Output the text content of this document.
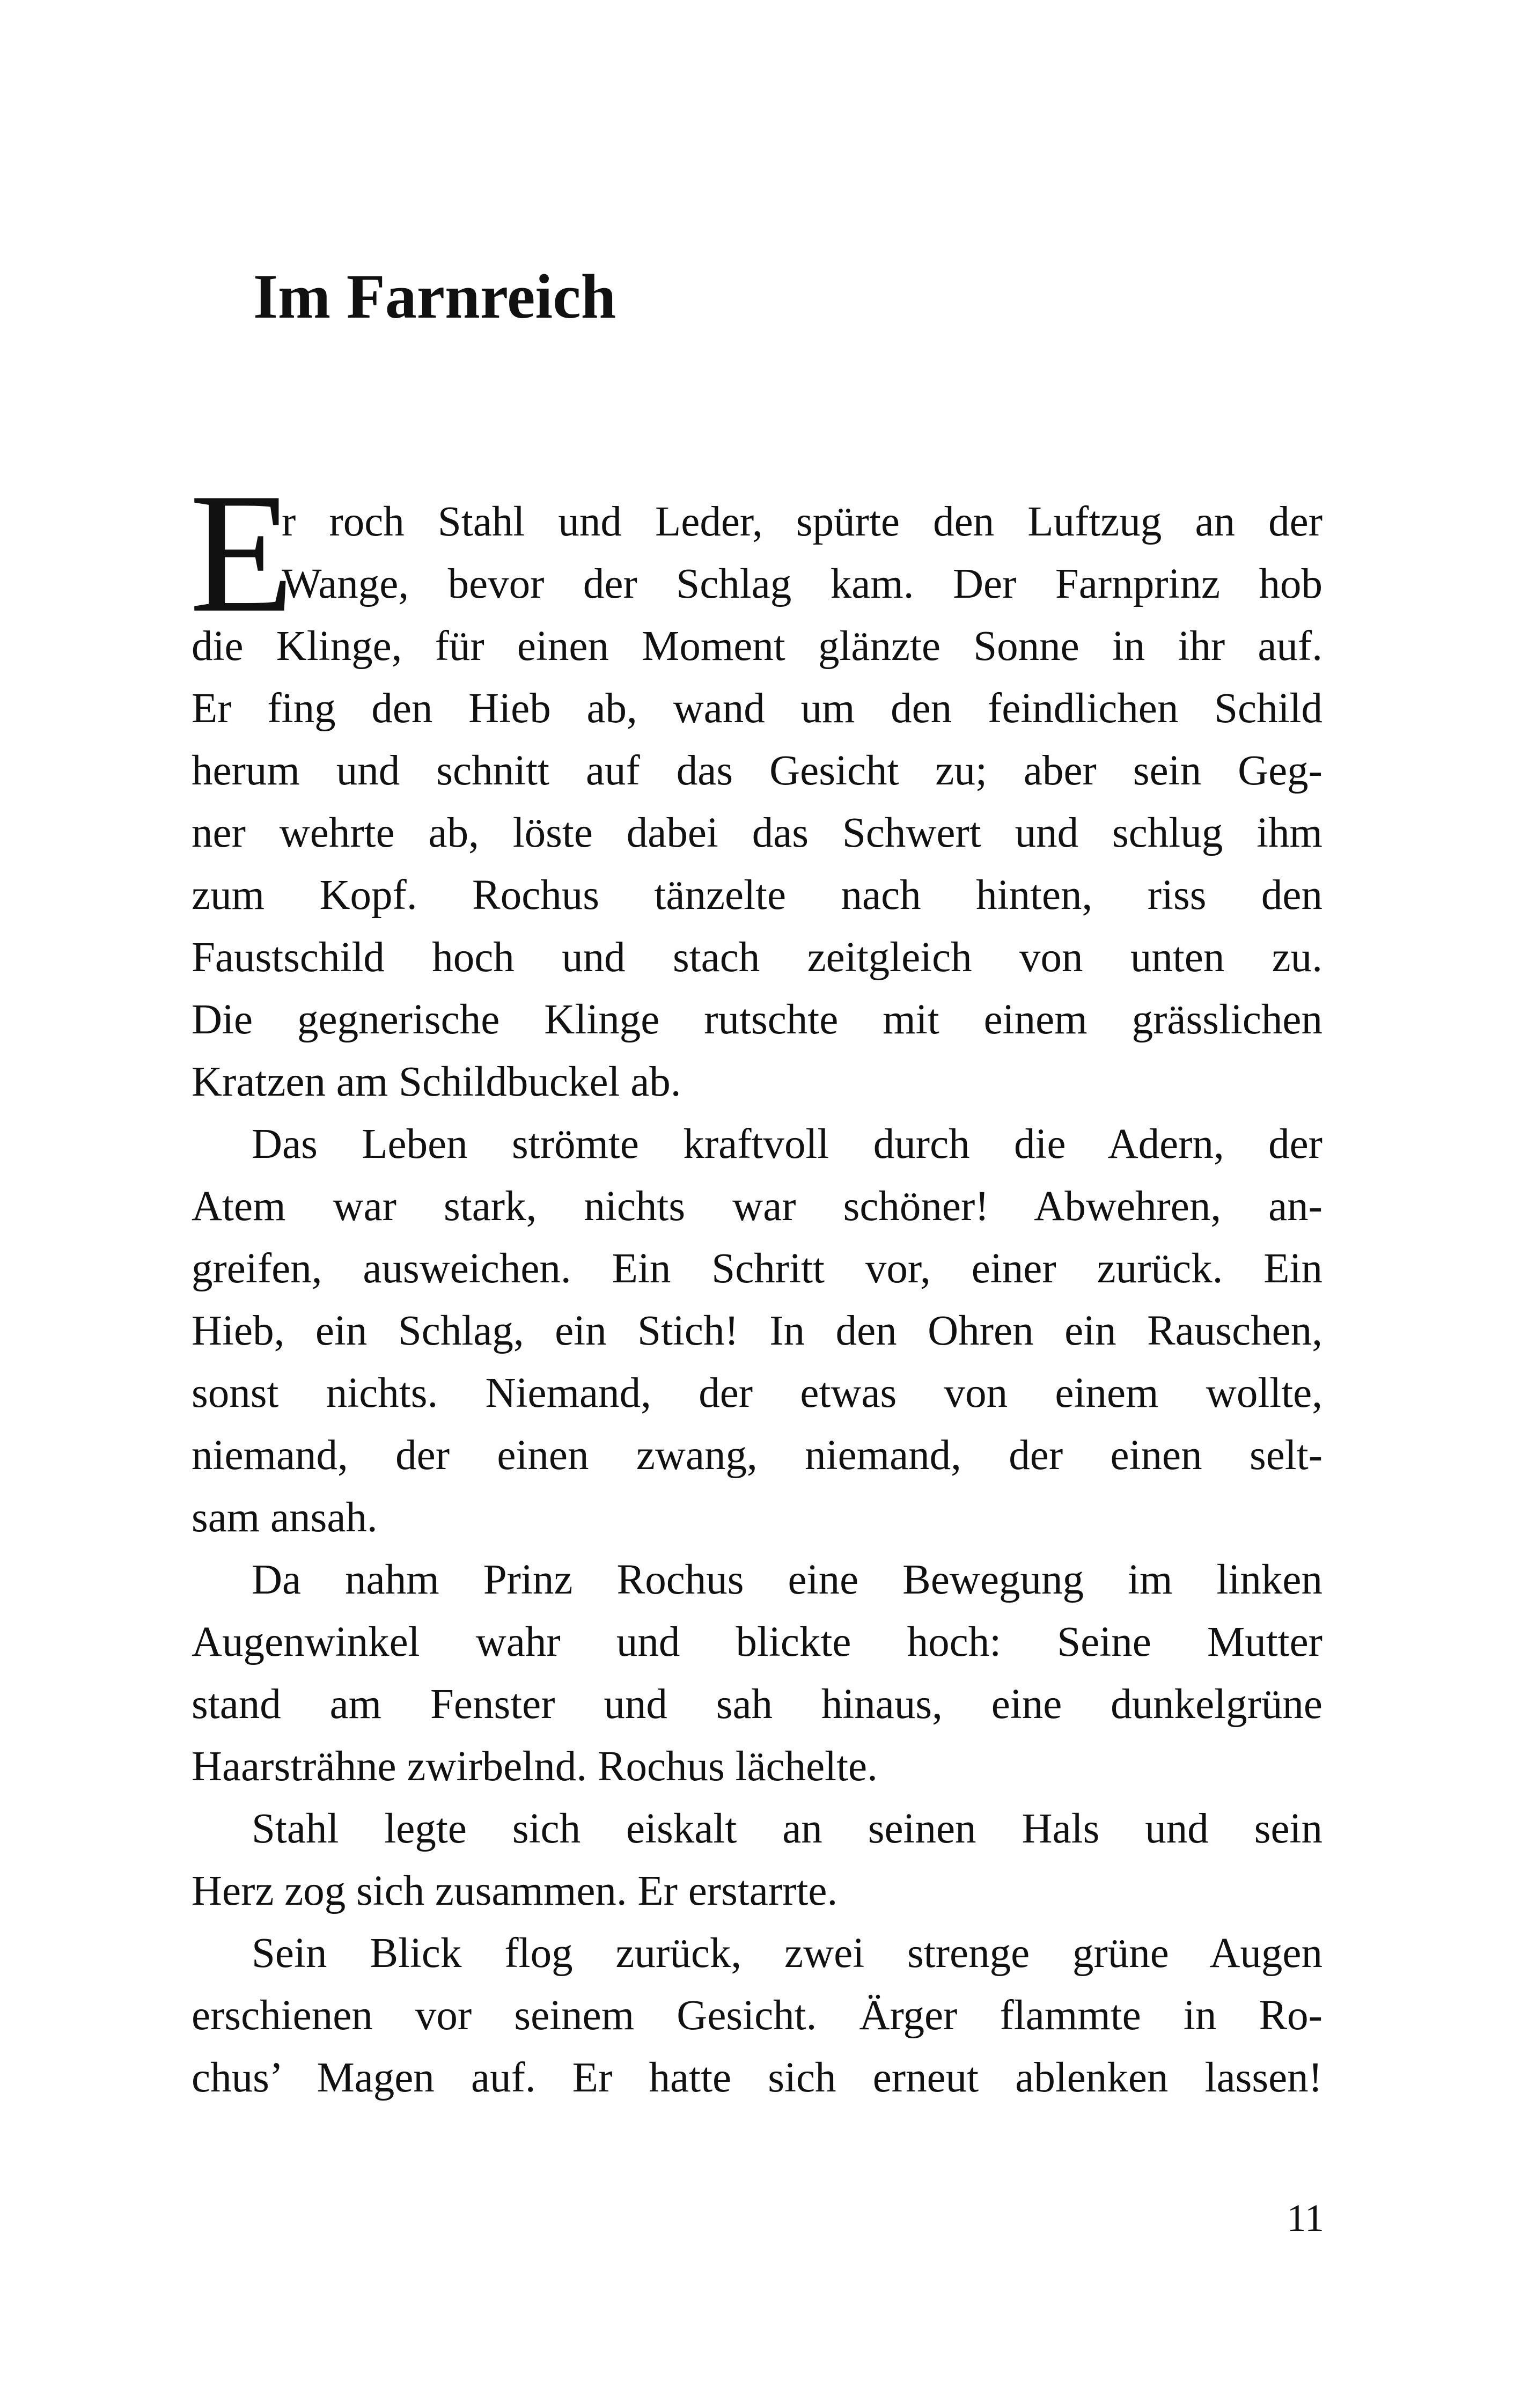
Im Farnreich
E
r roch Stahl und Leder, spürte den Luftzug an der
Wange, bevor der Schlag kam. Der Farnprinz hob
die Klinge, für einen Moment glänzte Sonne in ihr auf.
Er fing den Hieb ab, wand um den feindlichen Schild
herum und schnitt auf das Gesicht zu; aber sein Geg-
ner wehrte ab, löste dabei das Schwert und schlug ihm
zum Kopf. Rochus tänzelte nach hinten, riss den
Faustschild hoch und stach zeitgleich von unten zu.
Die gegnerische Klinge rutschte mit einem grässlichen
Kratzen am Schildbuckel ab.
Das Leben strömte kraftvoll durch die Adern, der
Atem war stark, nichts war schöner! Abwehren, an-
greifen, ausweichen. Ein Schritt vor, einer zurück. Ein
Hieb, ein Schlag, ein Stich! In den Ohren ein Rauschen,
sonst nichts. Niemand, der etwas von einem wollte,
niemand, der einen zwang, niemand, der einen selt-
sam ansah.
Da nahm Prinz Rochus eine Bewegung im linken
Augenwinkel wahr und blickte hoch: Seine Mutter
stand am Fenster und sah hinaus, eine dunkelgrüne
Haarsträhne zwirbelnd. Rochus lächelte.
Stahl legte sich eiskalt an seinen Hals und sein
Herz zog sich zusammen. Er erstarrte.
Sein Blick flog zurück, zwei strenge grüne Augen
erschienen vor seinem Gesicht. Ärger flammte in Ro-
chus’ Magen auf. Er hatte sich erneut ablenken lassen!
11
